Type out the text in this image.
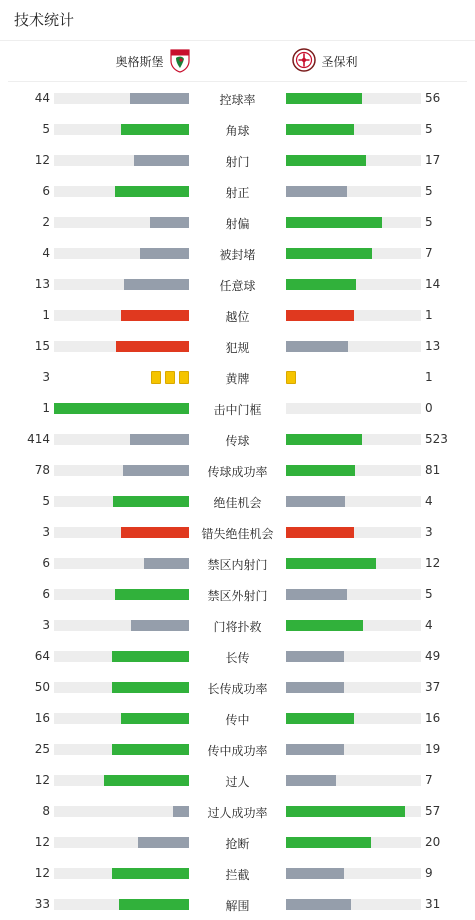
技术统计
奥格斯堡	圣保利
44	控球率	56
5	角球	5
12	射门	17
6	射正	5
2	射偏	5
4	被封堵	7
13	任意球	14
1	越位	1
15	犯规	13
3	黄牌	1
1	击中门框	0
414	传球	523
78	传球成功率	81
5	绝佳机会	4
3	错失绝佳机会	3
6	禁区内射门	12
6	禁区外射门	5
3	门将扑救	4
64	长传	49
50	长传成功率	37
16	传中	16
25	传中成功率	19
12	过人	7
8	过人成功率	57
12	抢断	20
12	拦截	9
33	解围	31
